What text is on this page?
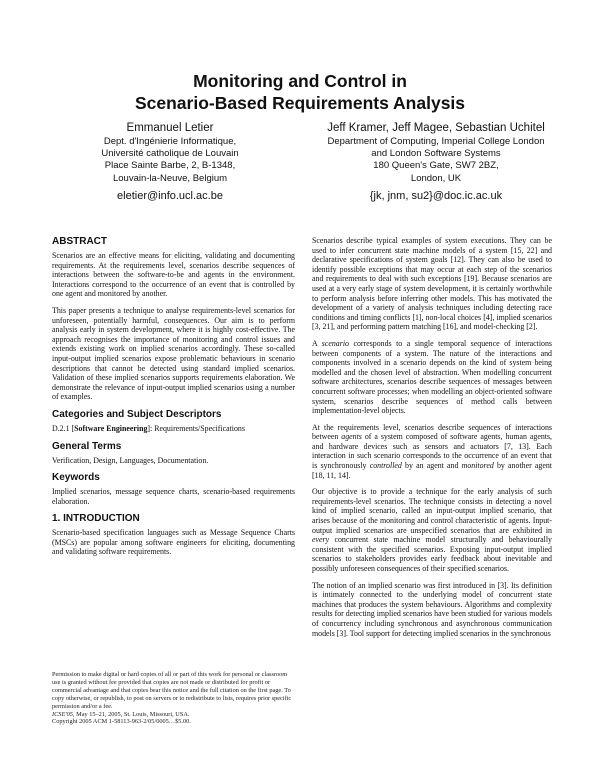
Monitoring and Control in
Scenario-Based Requirements Analysis
Emmanuel Letier
Dept. d'Ingénierie Informatique,
Université catholique de Louvain
Place Sainte Barbe, 2, B-1348,
Louvain-la-Neuve, Belgium
eletier@info.ucl.ac.be
Jeff Kramer, Jeff Magee, Sebastian Uchitel
Department of Computing, Imperial College London
and London Software Systems
180 Queen's Gate, SW7 2BZ,
London, UK
{jk, jnm, su2}@doc.ic.ac.uk
ABSTRACT

Scenarios are an effective means for eliciting, validating and documenting requirements. At the requirements level, scenarios describe sequences of interactions between the software-to-be and agents in the environment. Interactions correspond to the occurrence of an event that is controlled by one agent and monitored by another.

This paper presents a technique to analyse requirements-level scenarios for unforeseen, potentially harmful, consequences. Our aim is to perform analysis early in system development, where it is highly cost-effective. The approach recognises the importance of monitoring and control issues and extends existing work on implied scenarios accordingly. These so-called input-output implied scenarios expose problematic behaviours in scenario descriptions that cannot be detected using standard implied scenarios. Validation of these implied scenarios supports requirements elaboration. We demonstrate the relevance of input-output implied scenarios using a number of examples.

Categories and Subject Descriptors

D.2.1 [Software Engineering]: Requirements/Specifications

General Terms

Verification, Design, Languages, Documentation.

Keywords

Implied scenarios, message sequence charts, scenario-based requirements elaboration.

1. INTRODUCTION

Scenario-based specification languages such as Message Sequence Charts (MSCs) are popular among software engineers for eliciting, documenting and validating software requirements.

Permission to make digital or hard copies of all or part of this work for personal or classroom use is granted without fee provided that copies are not made or distributed for profit or commercial advantage and that copies bear this notice and the full citation on the first page. To copy otherwise, or republish, to post on servers or to redistribute to lists, requires prior specific permission and/or a fee.

ICSE'05, May 15–21, 2005, St. Louis, Missouri, USA.

Copyright 2005 ACM 1-58113-963-2/05/0005…$5.00.

Scenarios describe typical examples of system executions. They can be used to infer concurrent state machine models of a system [15, 22] and declarative specifications of system goals [12]. They can also be used to identify possible exceptions that may occur at each step of the scenarios and requirements to deal with such exceptions [19]. Because scenarios are used at a very early stage of system development, it is certainly worthwhile to perform analysis before inferring other models. This has motivated the development of a variety of analysis techniques including detecting race conditions and timing conflicts [1], non-local choices [4], implied scenarios [3, 21], and performing pattern matching [16], and model-checking [2].

A scenario corresponds to a single temporal sequence of interactions between components of a system. The nature of the interactions and components involved in a scenario depends on the kind of system being modelled and the chosen level of abstraction. When modelling concurrent software architectures, scenarios describe sequences of messages between concurrent software processes; when modelling an object-oriented software system, scenarios describe sequences of method calls between implementation-level objects.

At the requirements level, scenarios describe sequences of interactions between agents of a system composed of software agents, human agents, and hardware devices such as sensors and actuators [7, 13]. Each interaction in such scenario corresponds to the occurrence of an event that is synchronously controlled by an agent and monitored by another agent [18, 11, 14].

Our objective is to provide a technique for the early analysis of such requirements-level scenarios. The technique consists in detecting a novel kind of implied scenario, called an input-output implied scenario, that arises because of the monitoring and control characteristic of agents. Input-output implied scenarios are unspecified scenarios that are exhibited in every concurrent state machine model structurally and behaviourally consistent with the specified scenarios. Exposing input-output implied scenarios to stakeholders provides early feedback about inevitable and possibly unforeseen consequences of their specified scenarios.

The notion of an implied scenario was first introduced in [3]. Its definition is intimately connected to the underlying model of concurrent state machines that produces the system behaviours. Algorithms and complexity results for detecting implied scenarios have been studied for various models of concurrency including synchronous and asynchronous communication models [3]. Tool support for detecting implied scenarios in the synchronous
